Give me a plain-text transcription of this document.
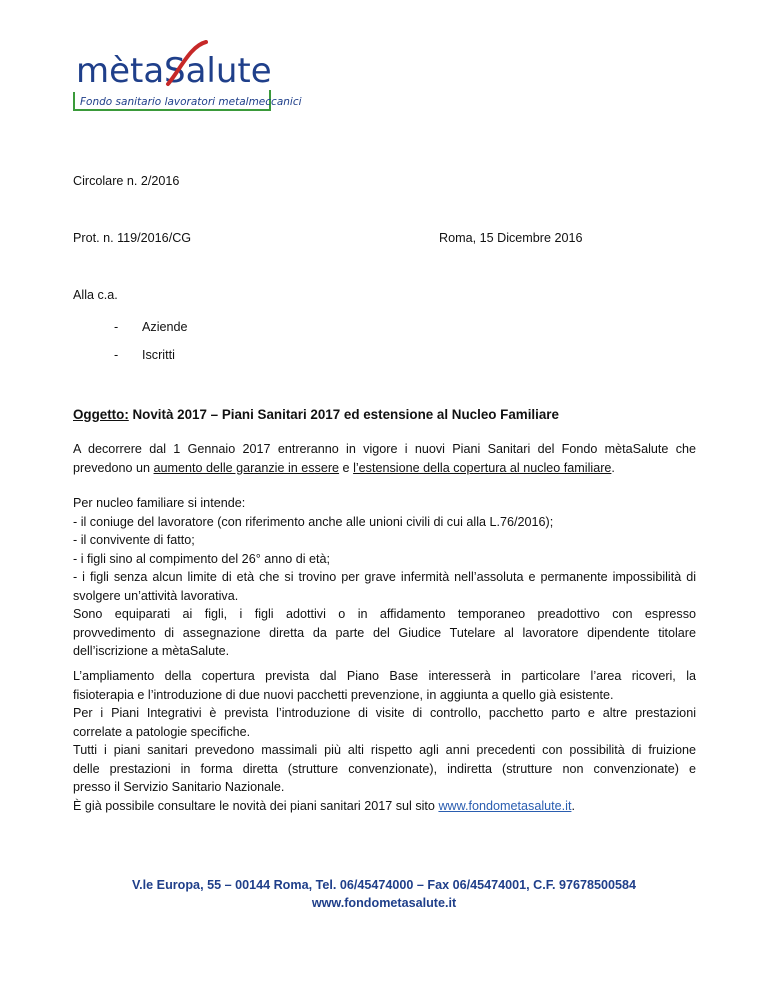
mèta Salute
Fondo sanitario lavoratori metalmeccanici
Circolare n. 2/2016
Prot. n. 119/2016/CG	Roma, 15 Dicembre 2016
Alla c.a.
- Aziende
- Iscritti
Oggetto: Novità 2017 – Piani Sanitari 2017 ed estensione al Nucleo Familiare
A decorrere dal 1 Gennaio 2017 entreranno in vigore i nuovi Piani Sanitari del Fondo mètaSalute che
prevedono un aumento delle garanzie in essere e l’estensione della copertura al nucleo familiare.
Per nucleo familiare si intende:
- il coniuge del lavoratore (con riferimento anche alle unioni civili di cui alla L.76/2016);
- il convivente di fatto;
- i figli sino al compimento del 26° anno di età;
- i figli senza alcun limite di età che si trovino per grave infermità nell’assoluta e permanente impossibilità di
svolgere un’attività lavorativa.
Sono equiparati ai figli, i figli adottivi o in affidamento temporaneo preadottivo con espresso
provvedimento di assegnazione diretta da parte del Giudice Tutelare al lavoratore dipendente titolare
dell’iscrizione a mètaSalute.
L’ampliamento della copertura prevista dal Piano Base interesserà in particolare l’area ricoveri, la
fisioterapia e l’introduzione di due nuovi pacchetti prevenzione, in aggiunta a quello già esistente.
Per i Piani Integrativi è prevista l’introduzione di visite di controllo, pacchetto parto e altre prestazioni
correlate a patologie specifiche.
Tutti i piani sanitari prevedono massimali più alti rispetto agli anni precedenti con possibilità di fruizione
delle prestazioni in forma diretta (strutture convenzionate), indiretta (strutture non convenzionate) e
presso il Servizio Sanitario Nazionale.
È già possibile consultare le novità dei piani sanitari 2017 sul sito www.fondometasalute.it.
V.le Europa, 55 – 00144 Roma, Tel. 06/45474000 – Fax 06/45474001, C.F. 97678500584
www.fondometasalute.it
